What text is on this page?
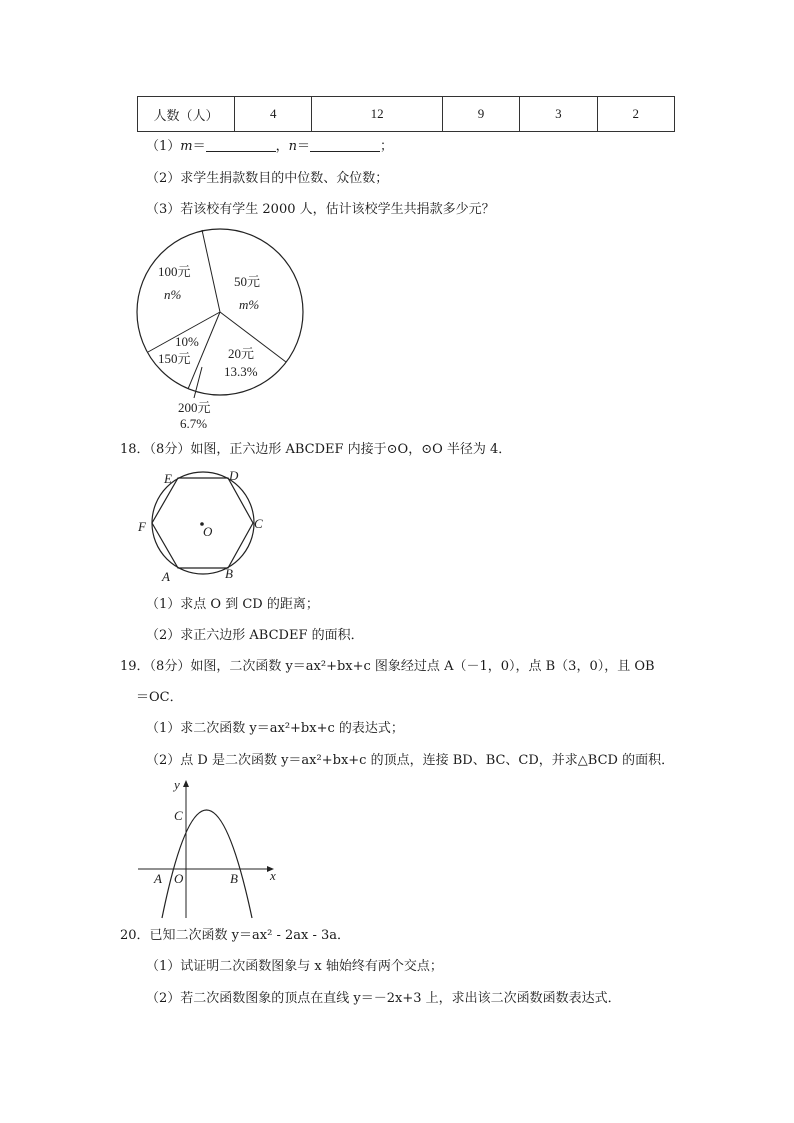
人数（人）	4	12	9	3	2
（1）m＝	，n＝	；
（2）求学生捐款数目的中位数、众位数；
（3）若该校有学生 2000 人，估计该校学生共捐款多少元？
100元
n%
50元
m%
10%
150元	20元
13.3%
200元
6.7%
18．（8分）如图，正六边形 ABCDEF 内接于⊙O，⊙O 半径为 4．
E	D
F	C
O
A	B
（1）求点 O 到 CD 的距离；
（2）求正六边形 ABCDEF 的面积．
19．（8分）如图，二次函数 y＝ax²+bx+c 图象经过点 A（－1，0），点 B（3，0），且 OB
＝OC．
（1）求二次函数 y＝ax²+bx+c 的表达式；
（2）点 D 是二次函数 y＝ax²+bx+c 的顶点，连接 BD、BC、CD，并求△BCD 的面积．
y
x
C
A O	B
20．已知二次函数 y＝ax² - 2ax - 3a．
（1）试证明二次函数图象与 x 轴始终有两个交点；
（2）若二次函数图象的顶点在直线 y＝－2x+3 上，求出该二次函数函数表达式．
